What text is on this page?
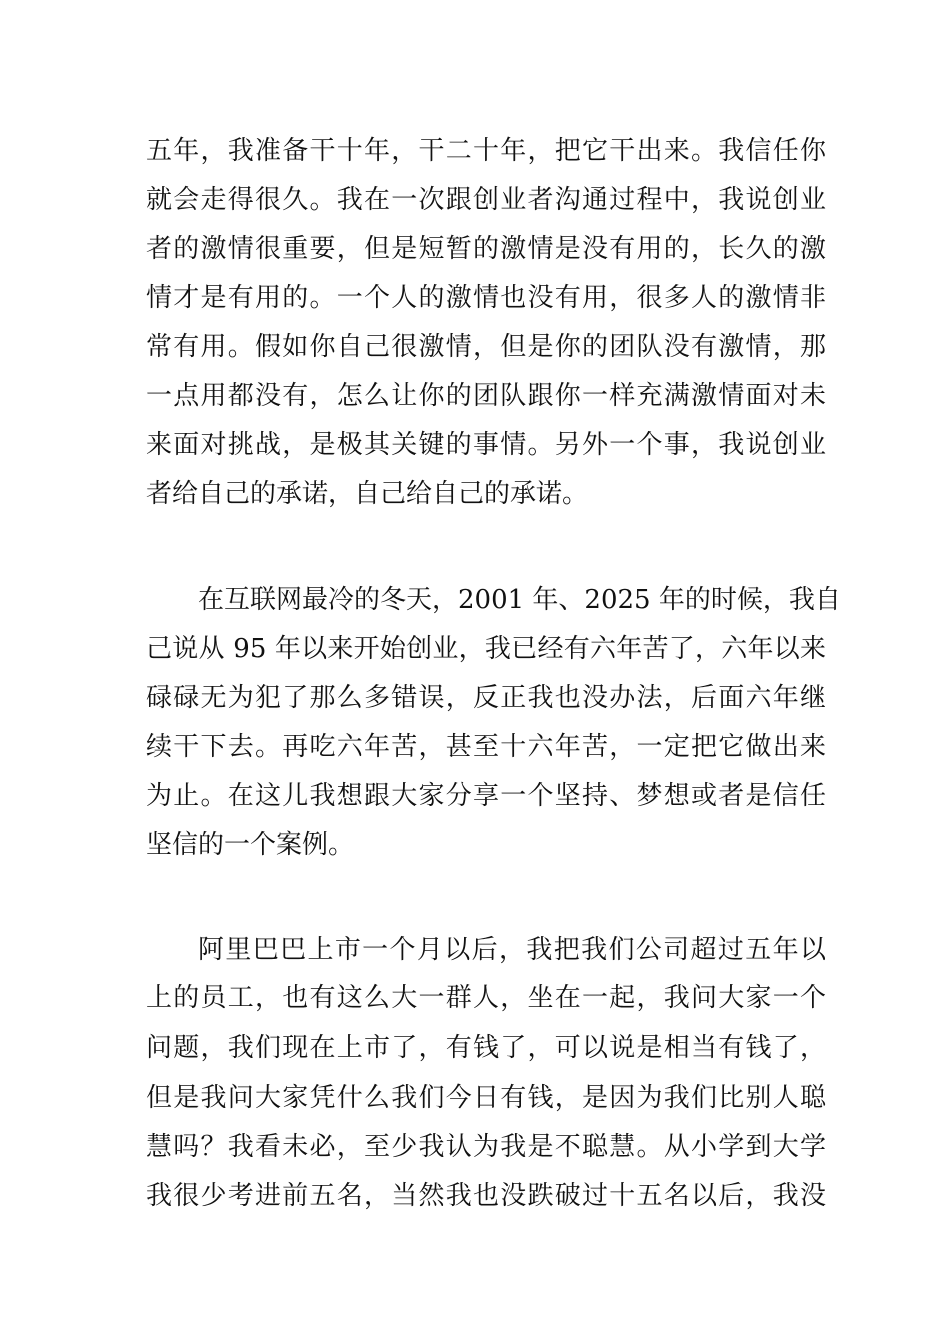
五年，我准备干十年，干二十年，把它干出来。我信任你
就会走得很久。我在一次跟创业者沟通过程中，我说创业
者的激情很重要，但是短暂的激情是没有用的，长久的激
情才是有用的。一个人的激情也没有用，很多人的激情非
常有用。假如你自己很激情，但是你的团队没有激情，那
一点用都没有，怎么让你的团队跟你一样充满激情面对未
来面对挑战，是极其关键的事情。另外一个事，我说创业
者给自己的承诺，自己给自己的承诺。
在互联网最冷的冬天，2001 年、2025 年的时候，我自
己说从 95 年以来开始创业，我已经有六年苦了，六年以来
碌碌无为犯了那么多错误，反正我也没办法，后面六年继
续干下去。再吃六年苦，甚至十六年苦，一定把它做出来
为止。在这儿我想跟大家分享一个坚持、梦想或者是信任
坚信的一个案例。
阿里巴巴上市一个月以后，我把我们公司超过五年以
上的员工，也有这么大一群人，坐在一起，我问大家一个
问题，我们现在上市了，有钱了，可以说是相当有钱了，
但是我问大家凭什么我们今日有钱，是因为我们比别人聪
慧吗？我看未必，至少我认为我是不聪慧。从小学到大学
我很少考进前五名，当然我也没跌破过十五名以后，我没
